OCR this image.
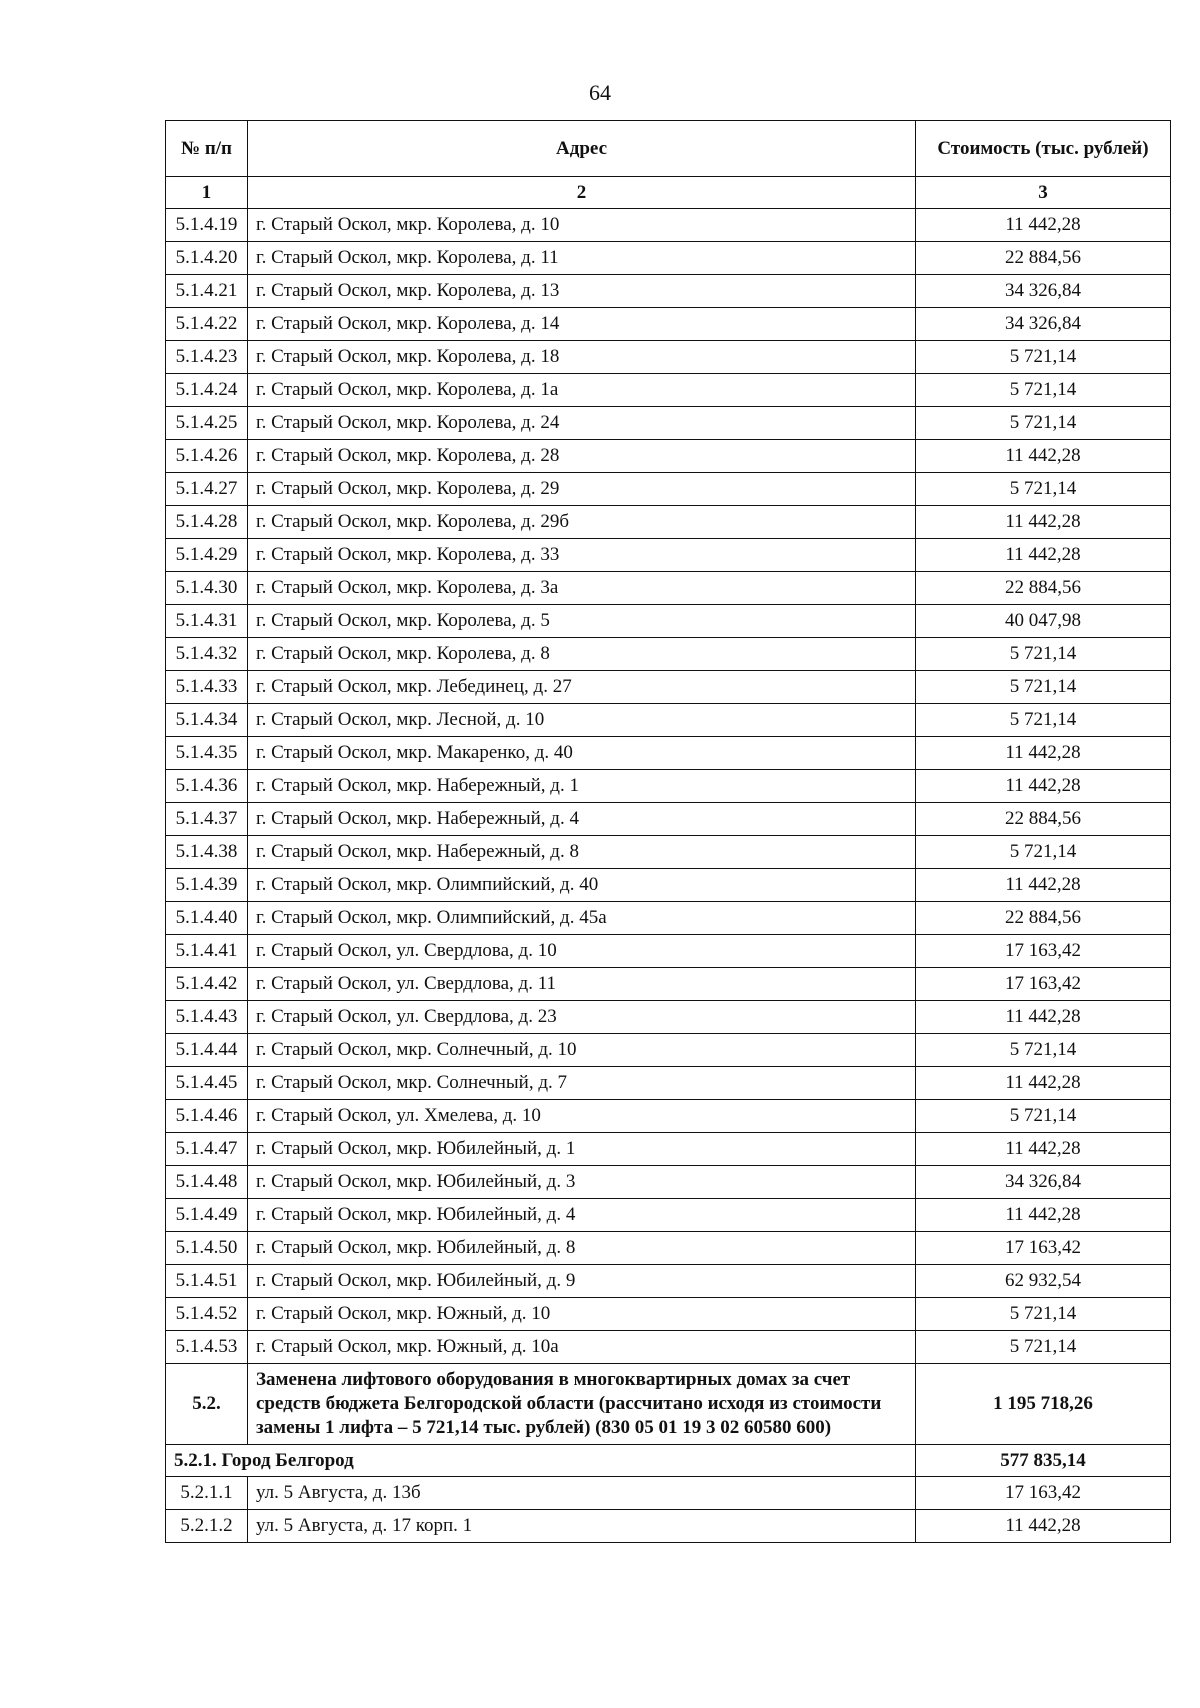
64
№ п/п	Адрес	Стоимость (тыс. рублей)
1	2	3
5.1.4.19	г. Старый Оскол, мкр. Королева, д. 10	11 442,28
5.1.4.20	г. Старый Оскол, мкр. Королева, д. 11	22 884,56
5.1.4.21	г. Старый Оскол, мкр. Королева, д. 13	34 326,84
5.1.4.22	г. Старый Оскол, мкр. Королева, д. 14	34 326,84
5.1.4.23	г. Старый Оскол, мкр. Королева, д. 18	5 721,14
5.1.4.24	г. Старый Оскол, мкр. Королева, д. 1а	5 721,14
5.1.4.25	г. Старый Оскол, мкр. Королева, д. 24	5 721,14
5.1.4.26	г. Старый Оскол, мкр. Королева, д. 28	11 442,28
5.1.4.27	г. Старый Оскол, мкр. Королева, д. 29	5 721,14
5.1.4.28	г. Старый Оскол, мкр. Королева, д. 29б	11 442,28
5.1.4.29	г. Старый Оскол, мкр. Королева, д. 33	11 442,28
5.1.4.30	г. Старый Оскол, мкр. Королева, д. 3а	22 884,56
5.1.4.31	г. Старый Оскол, мкр. Королева, д. 5	40 047,98
5.1.4.32	г. Старый Оскол, мкр. Королева, д. 8	5 721,14
5.1.4.33	г. Старый Оскол, мкр. Лебединец, д. 27	5 721,14
5.1.4.34	г. Старый Оскол, мкр. Лесной, д. 10	5 721,14
5.1.4.35	г. Старый Оскол, мкр. Макаренко, д. 40	11 442,28
5.1.4.36	г. Старый Оскол, мкр. Набережный, д. 1	11 442,28
5.1.4.37	г. Старый Оскол, мкр. Набережный, д. 4	22 884,56
5.1.4.38	г. Старый Оскол, мкр. Набережный, д. 8	5 721,14
5.1.4.39	г. Старый Оскол, мкр. Олимпийский, д. 40	11 442,28
5.1.4.40	г. Старый Оскол, мкр. Олимпийский, д. 45а	22 884,56
5.1.4.41	г. Старый Оскол, ул. Свердлова, д. 10	17 163,42
5.1.4.42	г. Старый Оскол, ул. Свердлова, д. 11	17 163,42
5.1.4.43	г. Старый Оскол, ул. Свердлова, д. 23	11 442,28
5.1.4.44	г. Старый Оскол, мкр. Солнечный, д. 10	5 721,14
5.1.4.45	г. Старый Оскол, мкр. Солнечный, д. 7	11 442,28
5.1.4.46	г. Старый Оскол, ул. Хмелева, д. 10	5 721,14
5.1.4.47	г. Старый Оскол, мкр. Юбилейный, д. 1	11 442,28
5.1.4.48	г. Старый Оскол, мкр. Юбилейный, д. 3	34 326,84
5.1.4.49	г. Старый Оскол, мкр. Юбилейный, д. 4	11 442,28
5.1.4.50	г. Старый Оскол, мкр. Юбилейный, д. 8	17 163,42
5.1.4.51	г. Старый Оскол, мкр. Юбилейный, д. 9	62 932,54
5.1.4.52	г. Старый Оскол, мкр. Южный, д. 10	5 721,14
5.1.4.53	г. Старый Оскол, мкр. Южный, д. 10а	5 721,14
5.2.	Заменена лифтового оборудования в многоквартирных домах за счет средств бюджета Белгородской области (рассчитано исходя из стоимости замены 1 лифта – 5 721,14 тыс. рублей) (830 05 01 19 3 02 60580 600)	1 195 718,26
5.2.1. Город Белгород		577 835,14
5.2.1.1	ул. 5 Августа, д. 13б	17 163,42
5.2.1.2	ул. 5 Августа, д. 17 корп. 1	11 442,28
